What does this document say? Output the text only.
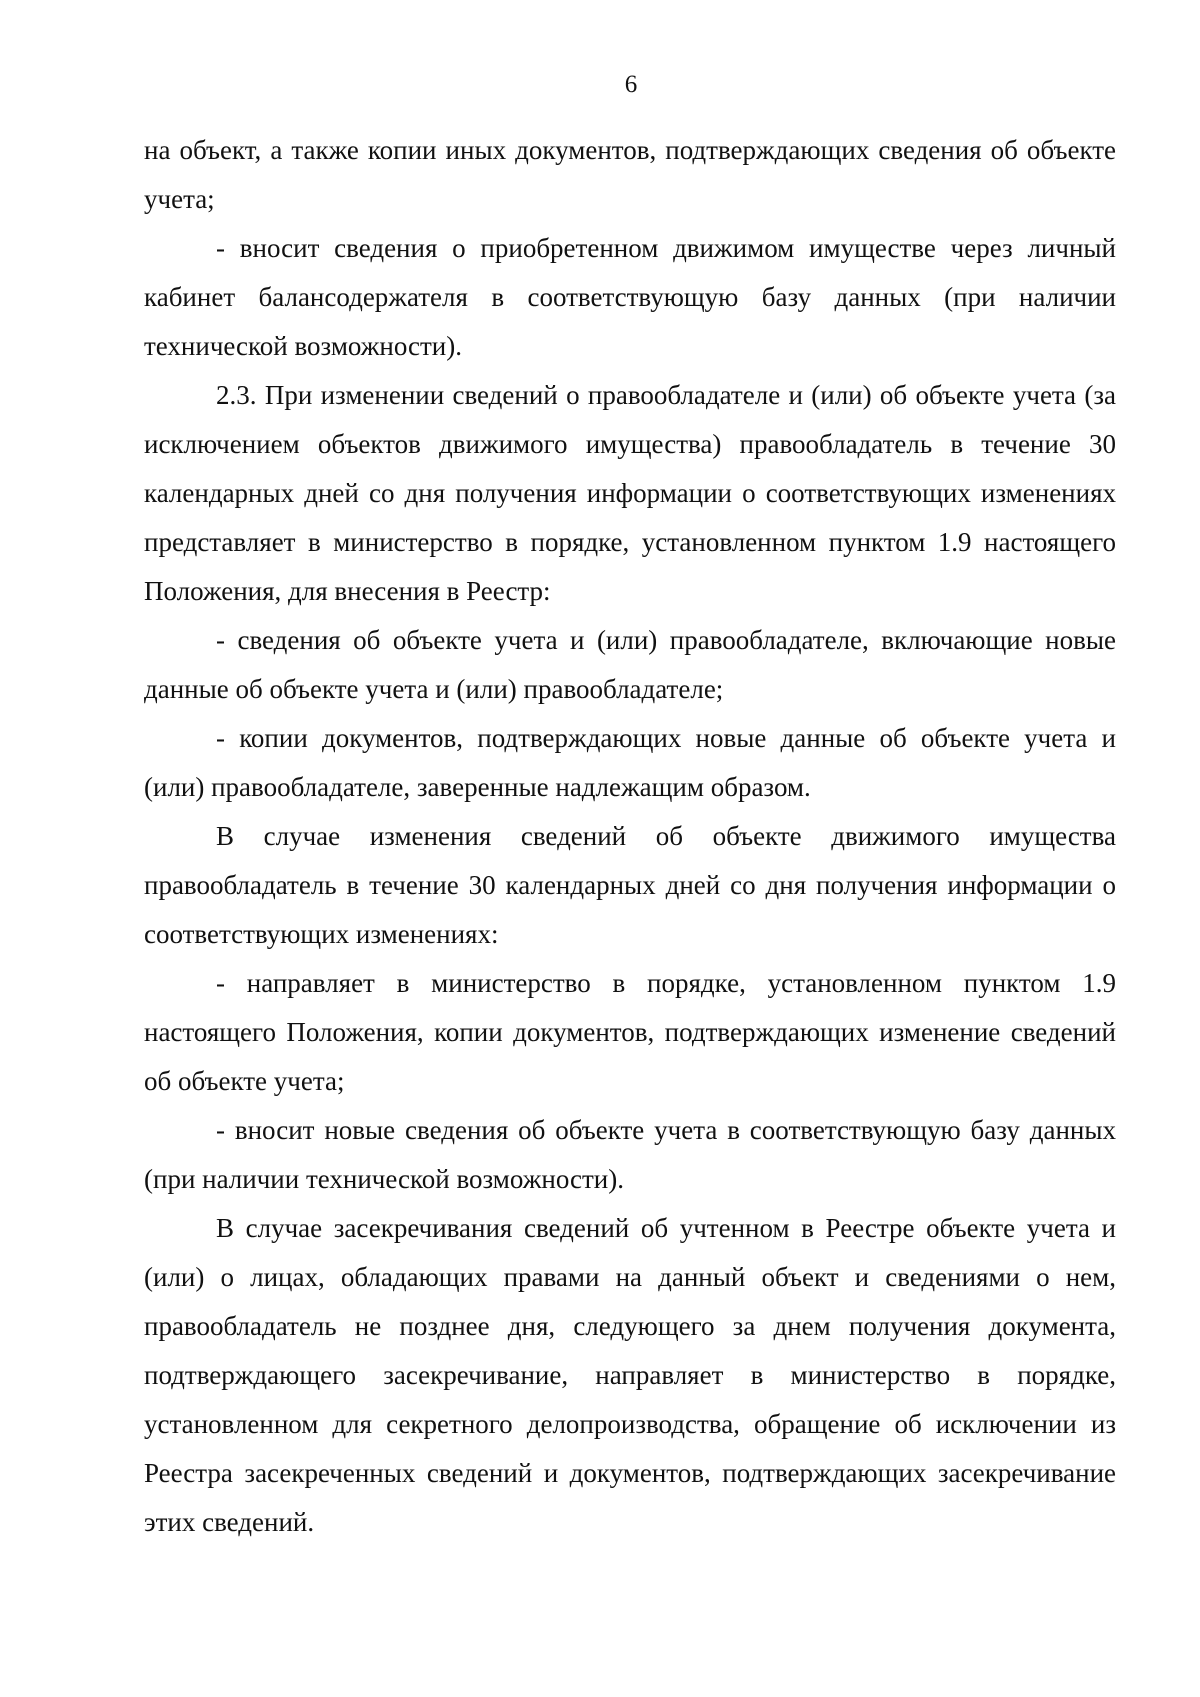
6

на объект, а также копии иных документов, подтверждающих сведения об объекте учета;

- вносит сведения о приобретенном движимом имуществе через личный кабинет балансодержателя в соответствующую базу данных (при наличии технической возможности).

2.3. При изменении сведений о правообладателе и (или) об объекте учета (за исключением объектов движимого имущества) правообладатель в течение 30 календарных дней со дня получения информации о соответствующих изменениях представляет в министерство в порядке, установленном пунктом 1.9 настоящего Положения, для внесения в Реестр:

- сведения об объекте учета и (или) правообладателе, включающие новые данные об объекте учета и (или) правообладателе;

- копии документов, подтверждающих новые данные об объекте учета и (или) правообладателе, заверенные надлежащим образом.

В случае изменения сведений об объекте движимого имущества правообладатель в течение 30 календарных дней со дня получения информации о соответствующих изменениях:

- направляет в министерство в порядке, установленном пунктом 1.9 настоящего Положения, копии документов, подтверждающих изменение сведений об объекте учета;

- вносит новые сведения об объекте учета в соответствующую базу данных (при наличии технической возможности).

В случае засекречивания сведений об учтенном в Реестре объекте учета и (или) о лицах, обладающих правами на данный объект и сведениями о нем, правообладатель не позднее дня, следующего за днем получения документа, подтверждающего засекречивание, направляет в министерство в порядке, установленном для секретного делопроизводства, обращение об исключении из Реестра засекреченных сведений и документов, подтверждающих засекречивание этих сведений.
